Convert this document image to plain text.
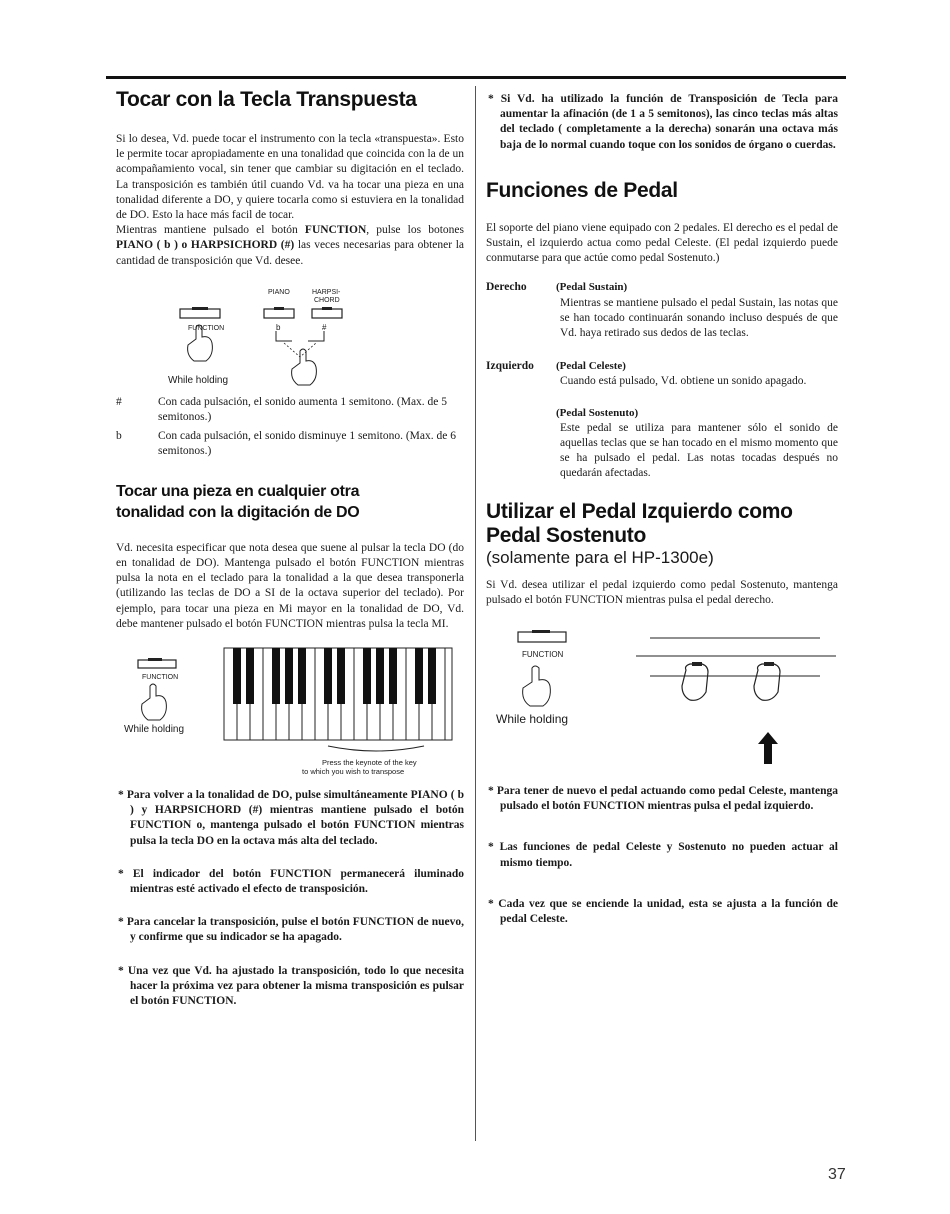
Tocar con la Tecla Transpuesta

Si lo desea, Vd. puede tocar el instrumento con la tecla «transpuesta». Esto le permite tocar apropiadamente en una tonalidad que coincida con la de un acompañamiento vocal, sin tener que cambiar su digitación en el teclado. La transposición es también útil cuando Vd. va ha tocar una pieza en una tonalidad diferente a DO, y quiere tocarla como si estuviera en la tonalidad de DO. Esto la hace más facil de tocar.

Mientras mantiene pulsado el botón FUNCTION, pulse los botones PIANO ( b ) o HARPSICHORD (#) las veces necesarias para obtener la cantidad de transposición que Vd. desee.

PIANO	HARPSI-
CHORD
FUNCTION	b	#
While holding
#	Con cada pulsación, el sonido aumenta 1 semitono. (Max. de 5 semitonos.)
b	Con cada pulsación, el sonido disminuye 1 semitono. (Max. de 6 semitonos.)
Tocar una pieza en cualquier otra
tonalidad con la digitación de DO

Vd. necesita especificar que nota desea que suene al pulsar la tecla DO (do en tonalidad de DO). Mantenga pulsado el botón FUNCTION mientras pulsa la nota en el teclado para la tonalidad a la que desea transponerla (utilizando las teclas de DO a SI de la octava superior del teclado). Por ejemplo, para tocar una pieza en Mi mayor en la tonalidad de DO, Vd. debe mantener pulsado el botón FUNCTION mientras pulsa la tecla MI.

FUNCTION
While holding
Press the keynote of the key
to which you wish to transpose

* Para volver a la tonalidad de DO, pulse simultáneamente PIANO ( b ) y HARPSICHORD (#) mientras mantiene pulsado el botón FUNCTION o, mantenga pulsado el botón FUNCTION mientras pulsa la tecla DO en la octava más alta del teclado.

* El indicador del botón FUNCTION permanecerá iluminado mientras esté activado el efecto de transposición.

* Para cancelar la transposición, pulse el botón FUNCTION de nuevo, y confirme que su indicador se ha apagado.

* Una vez que Vd. ha ajustado la transposición, todo lo que necesita hacer la próxima vez para obtener la misma transposición es pulsar el botón FUNCTION.

* Si Vd. ha utilizado la función de Transposición de Tecla para aumentar la afinación (de 1 a 5 semitonos), las cinco teclas más altas del teclado ( completamente a la derecha) sonarán una octava más baja de lo normal cuando toque con los sonidos de órgano o cuerdas.

Funciones de Pedal

El soporte del piano viene equipado con 2 pedales. El derecho es el pedal de Sustain, el izquierdo actua como pedal Celeste. (El pedal izquierdo puede conmutarse para que actúe como pedal Sostenuto.)

Derecho	(Pedal Sustain)
Mientras se mantiene pulsado el pedal Sustain, las notas que se han tocado continuarán sonando incluso después de que Vd. haya retirado sus dedos de las teclas.
Izquierdo	(Pedal Celeste)
Cuando está pulsado, Vd. obtiene un sonido apagado.
(Pedal Sostenuto)
Este pedal se utiliza para mantener sólo el sonido de aquellas teclas que se han tocado en el mismo momento que se ha pulsado el pedal. Las notas tocadas después no quedarán afectadas.
Utilizar el Pedal Izquierdo como
Pedal Sostenuto
(solamente para el HP-1300e)

Si Vd. desea utilizar el pedal izquierdo como pedal Sostenuto, mantenga pulsado el botón FUNCTION mientras pulsa el pedal derecho.

FUNCTION
While holding

* Para tener de nuevo el pedal actuando como pedal Celeste, mantenga pulsado el botón FUNCTION mientras pulsa el pedal izquierdo.

* Las funciones de pedal Celeste y Sostenuto no pueden actuar al mismo tiempo.

* Cada vez que se enciende la unidad, esta se ajusta a la función de pedal Celeste.

37
